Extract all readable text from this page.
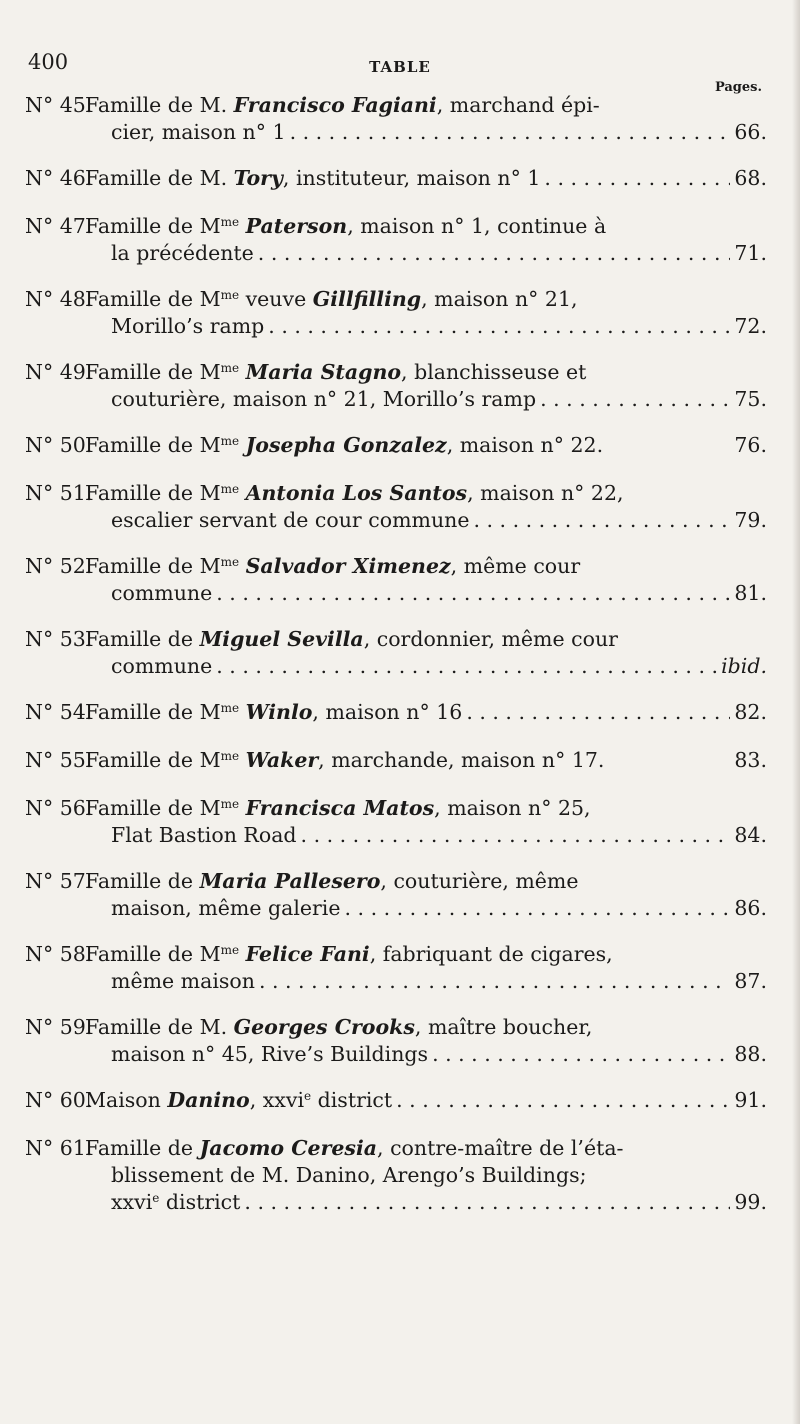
400	TABLE
Pages.
N° 45.
Famille de M. Francisco Fagiani, marchand épi-
cier, maison n° 1 . . .	66.
N° 46.
Famille de M. Tory, instituteur, maison n° 1 . . .	68.
N° 47.
Famille de $M^{me}$ Paterson, maison n° 1, continue à
la précédente . . .	71.
N° 48.
Famille de $M^{me}$ veuve Gillfilling, maison n° 21,
Morillo’s ramp . . .	72.
N° 49.
Famille de $M^{me}$ Maria Stagno, blanchisseuse et
couturière, maison n° 21, Morillo’s ramp . . .	75.
N° 50.
Famille de $M^{me}$ Josepha Gonzalez, maison n° 22.	76.
N° 51.
Famille de $M^{me}$ Antonia Los Santos, maison n° 22,
escalier servant de cour commune . . .	79.
N° 52.
Famille de $M^{me}$ Salvador Ximenez, même cour
commune . . .	81.
N° 53.
Famille de Miguel Sevilla, cordonnier, même cour
commune . . .	ibid.
N° 54.
Famille de $M^{me}$ Winlo, maison n° 16 . . .	82.
N° 55.
Famille de $M^{me}$ Waker, marchande, maison n° 17.	83.
N° 56.
Famille de $M^{me}$ Francisca Matos, maison n° 25,
Flat Bastion Road . . .	84.
N° 57.
Famille de Maria Pallesero, couturière, même
maison, même galerie . . .	86.
N° 58.
Famille de $M^{me}$ Felice Fani, fabriquant de cigares,
même maison . . .	87.
N° 59.
Famille de M. Georges Crooks, maître boucher,
maison n° 45, Rive’s Buildings . . .	88.
N° 60.
Maison Danino, xxvi$^e$ district . . .	91.
N° 61.
Famille de Jacomo Ceresia, contre-maître de l’éta-
blissement de M. Danino, Arengo’s Buildings;
xxvi$^e$ district . . .	99.
